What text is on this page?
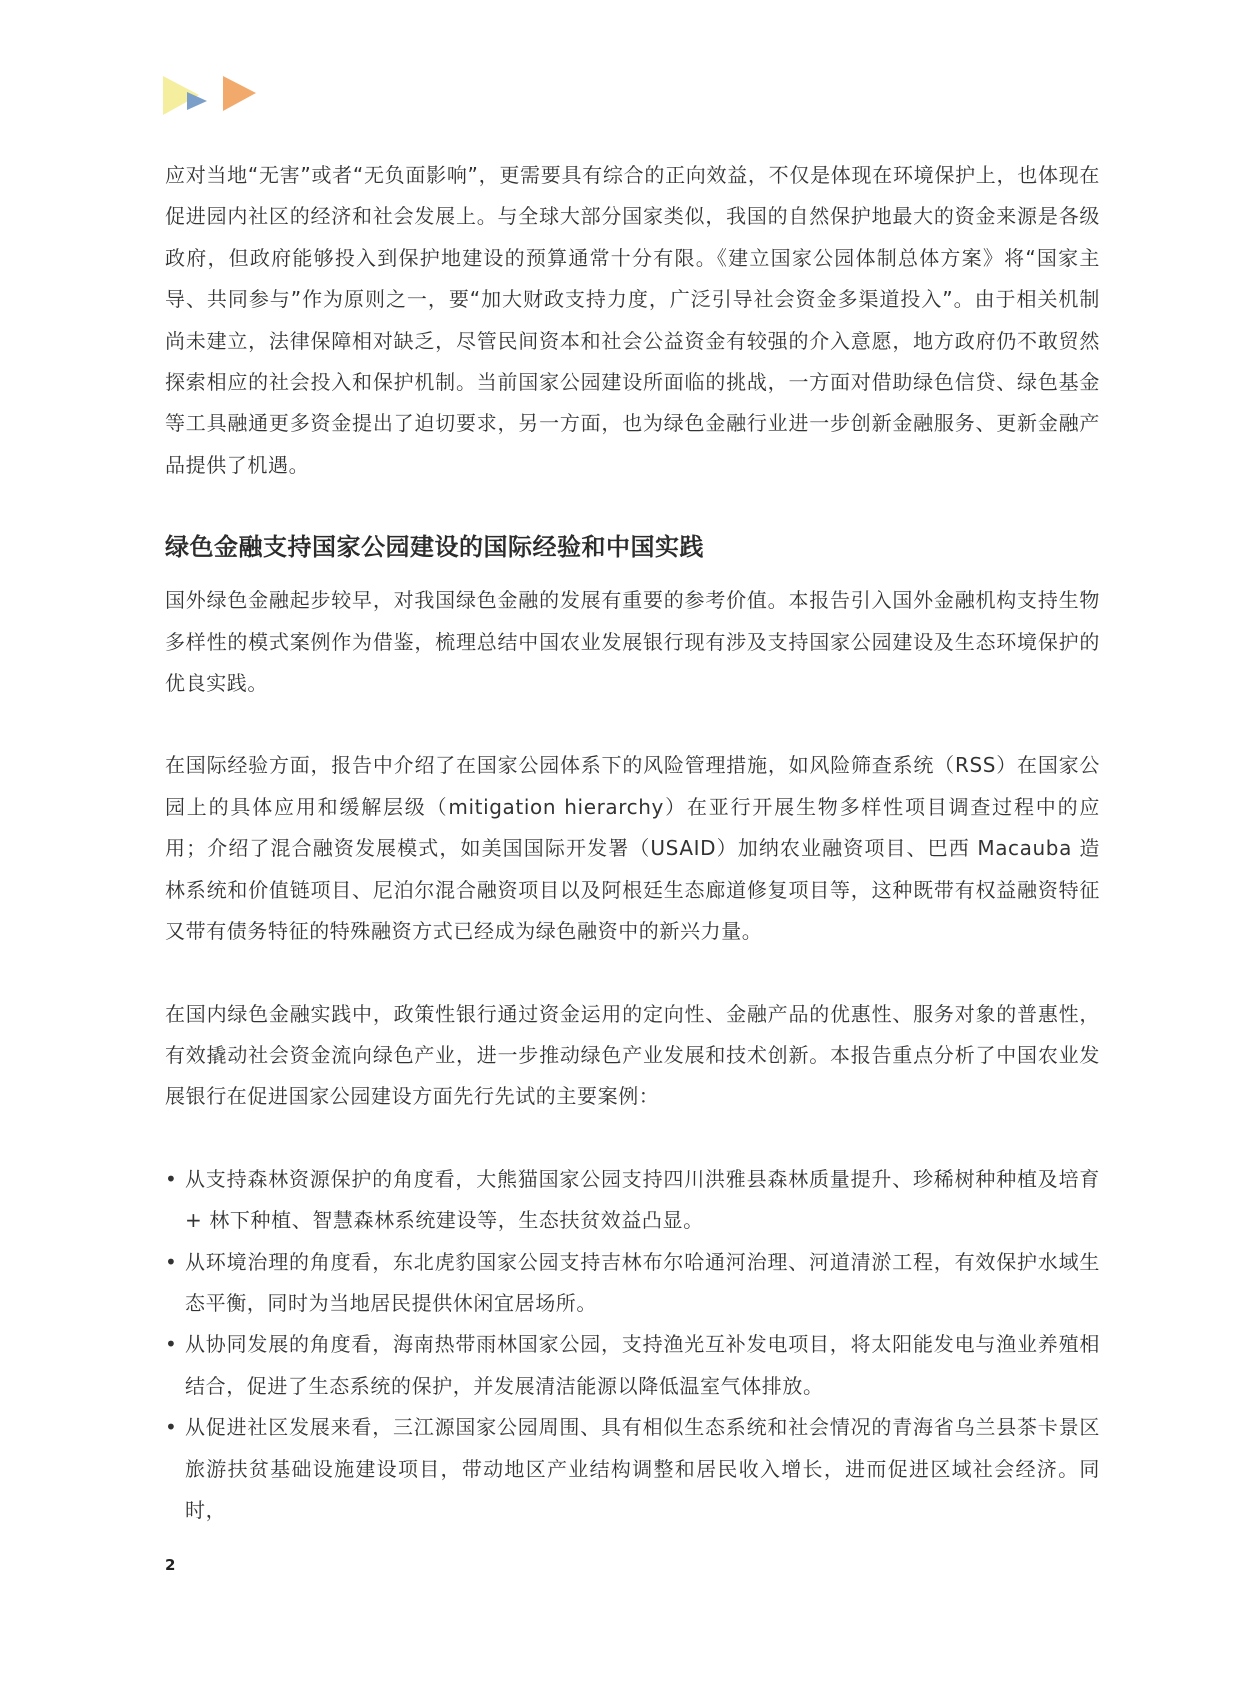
应对当地“无害”或者“无负面影响”，更需要具有综合的正向效益，不仅是体现在环境保护上，也体现在促进园内社区的经济和社会发展上。与全球大部分国家类似，我国的自然保护地最大的资金来源是各级政府，但政府能够投入到保护地建设的预算通常十分有限。《建立国家公园体制总体方案》将“国家主导、共同参与”作为原则之一，要“加大财政支持力度，广泛引导社会资金多渠道投入”。由于相关机制尚未建立，法律保障相对缺乏，尽管民间资本和社会公益资金有较强的介入意愿，地方政府仍不敢贸然探索相应的社会投入和保护机制。当前国家公园建设所面临的挑战，一方面对借助绿色信贷、绿色基金等工具融通更多资金提出了迫切要求，另一方面，也为绿色金融行业进一步创新金融服务、更新金融产品提供了机遇。

绿色金融支持国家公园建设的国际经验和中国实践

国外绿色金融起步较早，对我国绿色金融的发展有重要的参考价值。本报告引入国外金融机构支持生物多样性的模式案例作为借鉴，梳理总结中国农业发展银行现有涉及支持国家公园建设及生态环境保护的优良实践。

在国际经验方面，报告中介绍了在国家公园体系下的风险管理措施，如风险筛查系统（RSS）在国家公园上的具体应用和缓解层级（mitigation hierarchy）在亚行开展生物多样性项目调查过程中的应用；介绍了混合融资发展模式，如美国国际开发署（USAID）加纳农业融资项目、巴西 Macauba 造林系统和价值链项目、尼泊尔混合融资项目以及阿根廷生态廊道修复项目等，这种既带有权益融资特征又带有债务特征的特殊融资方式已经成为绿色融资中的新兴力量。

在国内绿色金融实践中，政策性银行通过资金运用的定向性、金融产品的优惠性、服务对象的普惠性，有效撬动社会资金流向绿色产业，进一步推动绿色产业发展和技术创新。本报告重点分析了中国农业发展银行在促进国家公园建设方面先行先试的主要案例：

• 从支持森林资源保护的角度看，大熊猫国家公园支持四川洪雅县森林质量提升、珍稀树种种植及培育 + 林下种植、智慧森林系统建设等，生态扶贫效益凸显。
• 从环境治理的角度看，东北虎豹国家公园支持吉林布尔哈通河治理、河道清淤工程，有效保护水域生态平衡，同时为当地居民提供休闲宜居场所。
• 从协同发展的角度看，海南热带雨林国家公园，支持渔光互补发电项目，将太阳能发电与渔业养殖相结合，促进了生态系统的保护，并发展清洁能源以降低温室气体排放。
• 从促进社区发展来看，三江源国家公园周围、具有相似生态系统和社会情况的青海省乌兰县茶卡景区旅游扶贫基础设施建设项目，带动地区产业结构调整和居民收入增长，进而促进区域社会经济。同时，
2
